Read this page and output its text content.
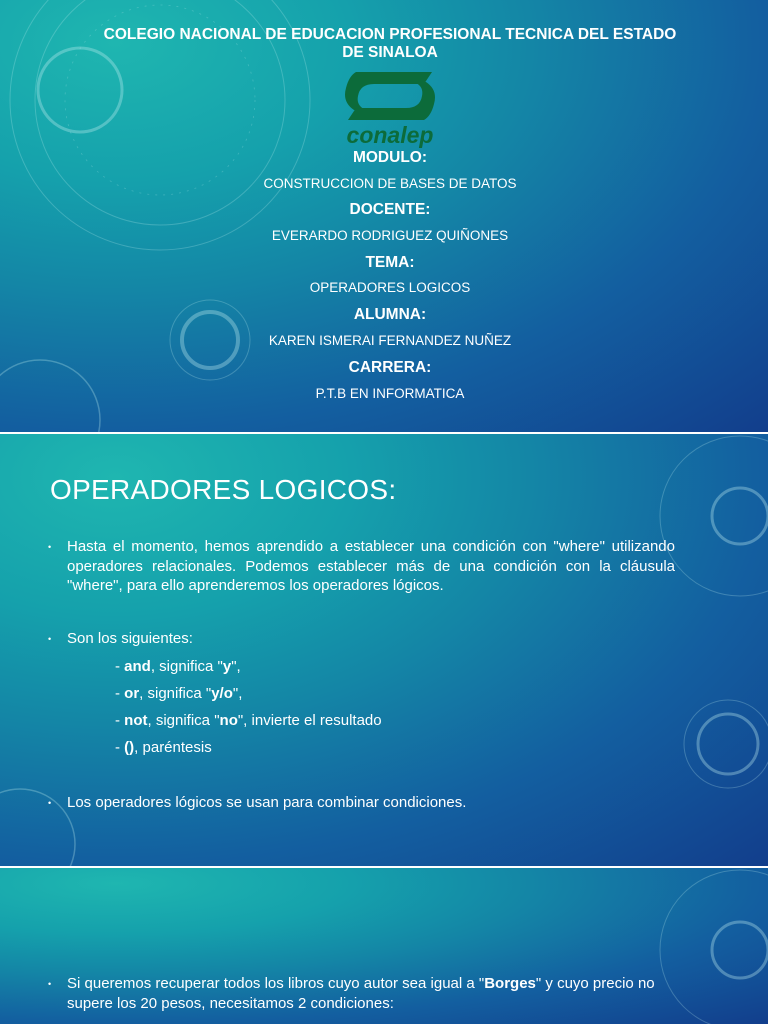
COLEGIO NACIONAL DE EDUCACION PROFESIONAL TECNICA DEL ESTADO DE SINALOA
conalep
MODULO:
CONSTRUCCION DE BASES DE DATOS
DOCENTE:
EVERARDO RODRIGUEZ QUIÑONES
TEMA:
OPERADORES LOGICOS
ALUMNA:
KAREN ISMERAI FERNANDEZ NUÑEZ
CARRERA:
P.T.B EN INFORMATICA
OPERADORES LOGICOS:
• Hasta el momento, hemos aprendido a establecer una condición con "where" utilizando operadores relacionales. Podemos establecer más de una condición con la cláusula "where", para ello aprenderemos los operadores lógicos.
• Son los siguientes:
- and, significa "y",
- or, significa "y/o",
- not, significa "no", invierte el resultado
- (), paréntesis
• Los operadores lógicos se usan para combinar condiciones.
• Si queremos recuperar todos los libros cuyo autor sea igual a "Borges" y cuyo precio no supere los 20 pesos, necesitamos 2 condiciones:
